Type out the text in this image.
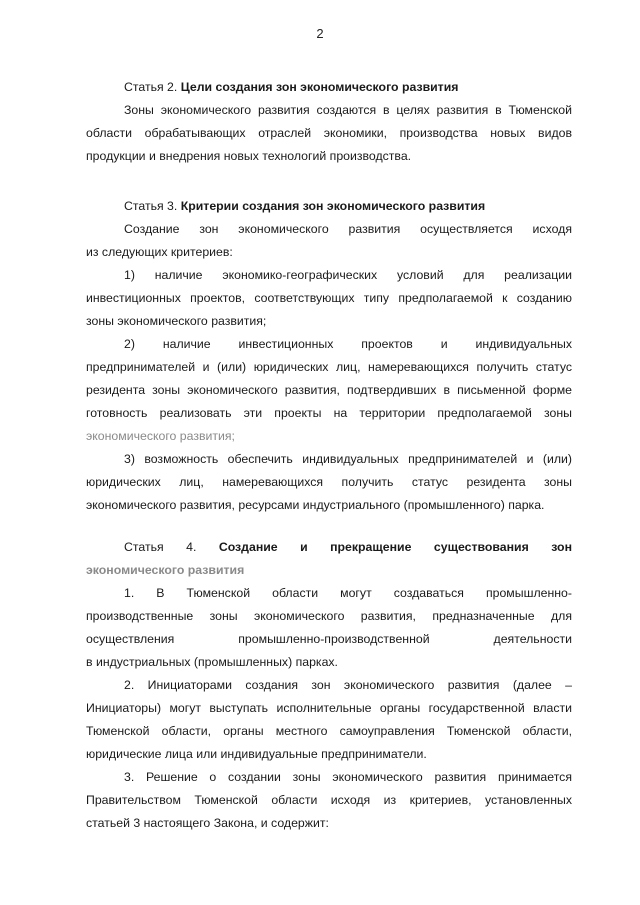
2
Статья 2. Цели создания зон экономического развития
Зоны экономического развития создаются в целях развития в Тюменской
области обрабатывающих отраслей экономики, производства новых видов
продукции и внедрения новых технологий производства.
Статья 3. Критерии создания зон экономического развития
Создание зон экономического развития осуществляется исходя
из следующих критериев:
1) наличие экономико-географических условий для реализации
инвестиционных проектов, соответствующих типу предполагаемой к созданию
зоны экономического развития;
2) наличие инвестиционных проектов и индивидуальных
предпринимателей и (или) юридических лиц, намеревающихся получить статус
резидента зоны экономического развития, подтвердивших в письменной форме
готовность реализовать эти проекты на территории предполагаемой зоны
экономического развития;
3) возможность обеспечить индивидуальных предпринимателей и (или)
юридических лиц, намеревающихся получить статус резидента зоны
экономического развития, ресурсами индустриального (промышленного) парка.
Статья 4. Создание и прекращение существования зон
экономического развития
1. В Тюменской области могут создаваться промышленно-
производственные зоны экономического развития, предназначенные для
осуществления промышленно-производственной деятельности
в индустриальных (промышленных) парках.
2. Инициаторами создания зон экономического развития (далее –
Инициаторы) могут выступать исполнительные органы государственной власти
Тюменской области, органы местного самоуправления Тюменской области,
юридические лица или индивидуальные предприниматели.
3. Решение о создании зоны экономического развития принимается
Правительством Тюменской области исходя из критериев, установленных
статьей 3 настоящего Закона, и содержит:
